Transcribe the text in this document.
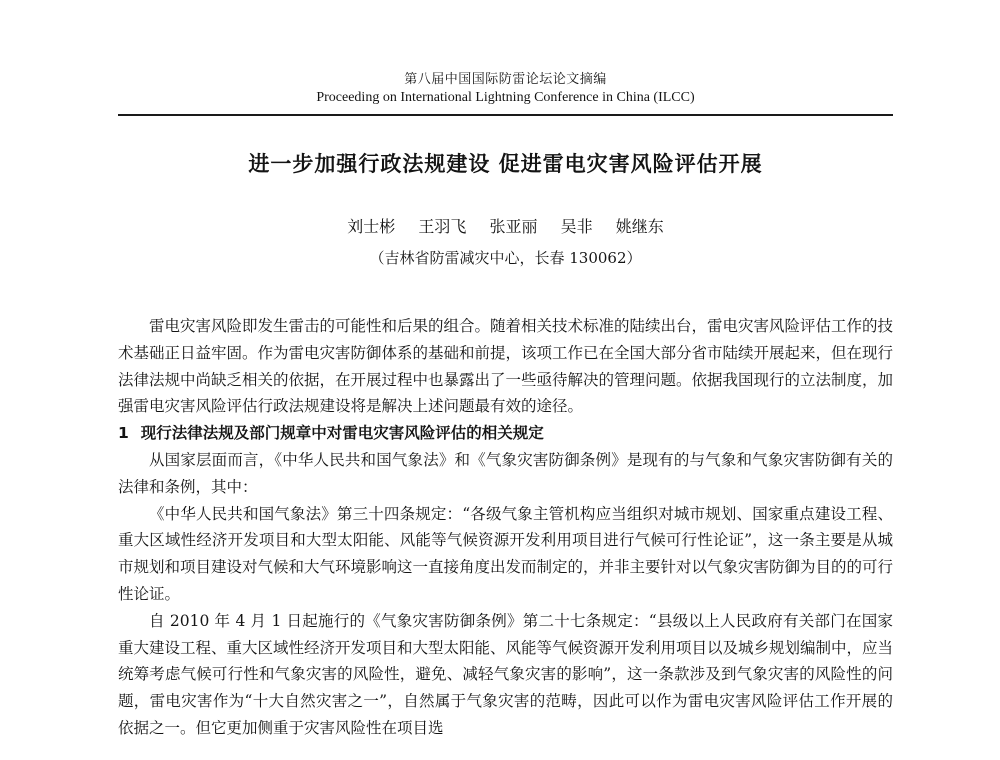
第八届中国国际防雷论坛论文摘编
Proceeding on International Lightning Conference in China (ILCC)
进一步加强行政法规建设 促进雷电灾害风险评估开展
刘士彬 王羽飞 张亚丽 吴非 姚继东
（吉林省防雷减灾中心，长春 130062）

雷电灾害风险即发生雷击的可能性和后果的组合。随着相关技术标准的陆续出台，雷电灾害风险评估工作的技术基础正日益牢固。作为雷电灾害防御体系的基础和前提，该项工作已在全国大部分省市陆续开展起来，但在现行法律法规中尚缺乏相关的依据，在开展过程中也暴露出了一些亟待解决的管理问题。依据我国现行的立法制度，加强雷电灾害风险评估行政法规建设将是解决上述问题最有效的途径。

1 现行法律法规及部门规章中对雷电灾害风险评估的相关规定

从国家层面而言，《中华人民共和国气象法》和《气象灾害防御条例》是现有的与气象和气象灾害防御有关的法律和条例，其中：

《中华人民共和国气象法》第三十四条规定：“各级气象主管机构应当组织对城市规划、国家重点建设工程、重大区域性经济开发项目和大型太阳能、风能等气候资源开发利用项目进行气候可行性论证”，这一条主要是从城市规划和项目建设对气候和大气环境影响这一直接角度出发而制定的，并非主要针对以气象灾害防御为目的的可行性论证。

自 2010 年 4 月 1 日起施行的《气象灾害防御条例》第二十七条规定：“县级以上人民政府有关部门在国家重大建设工程、重大区域性经济开发项目和大型太阳能、风能等气候资源开发利用项目以及城乡规划编制中，应当统筹考虑气候可行性和气象灾害的风险性，避免、减轻气象灾害的影响”，这一条款涉及到气象灾害的风险性的问题，雷电灾害作为“十大自然灾害之一”，自然属于气象灾害的范畴，因此可以作为雷电灾害风险评估工作开展的依据之一。但它更加侧重于灾害风险性在项目选
